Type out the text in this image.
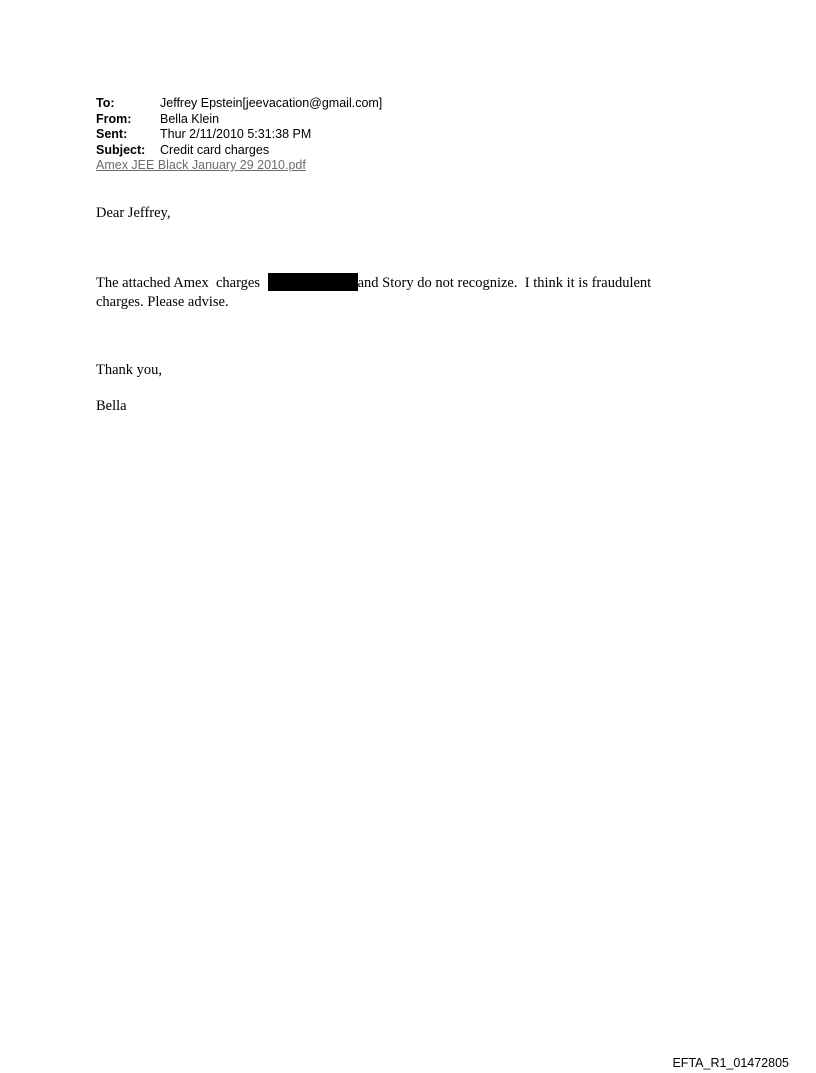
To:	Jeffrey Epstein[jeevacation@gmail.com]
From:	Bella Klein
Sent:	Thur 2/11/2010 5:31:38 PM
Subject:	Credit card charges
Amex JEE Black January 29 2010.pdf
Dear Jeffrey,
The attached Amex  charges	and Story do not recognize.  I think it is fraudulent
charges. Please advise.
Thank you,
Bella
EFTA_R1_01472805
